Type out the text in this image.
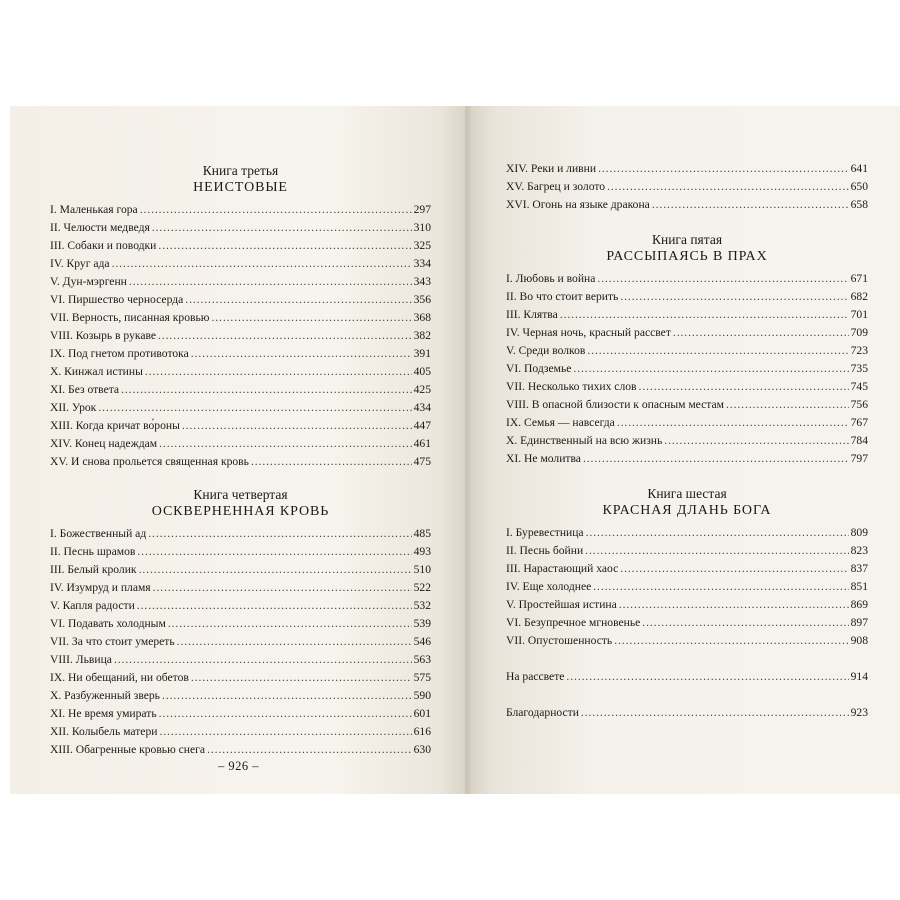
Книга третья
НЕИСТОВЫЕ
I. Маленькая гора . . .	297
II. Челюсти медведя . . .	310
III. Собаки и поводки . . .	325
IV. Круг ада . . .	334
V. Дун-мэргенн . . .	343
VI. Пиршество черносерда . . .	356
VII. Верность, писанная кровью . . .	368
VIII. Козырь в рукаве . . .	382
IX. Под гнетом противотока . . .	391
X. Кинжал истины . . .	405
XI. Без ответа . . .	425
XII. Урок . . .	434
XIII. Когда кричат во́роны . . .	447
XIV. Конец надеждам . . .	461
XV. И снова прольется священная кровь . . .	475
Книга четвертая
ОСКВЕРНЕННАЯ КРОВЬ
I. Божественный ад . . .	485
II. Песнь шрамов . . .	493
III. Белый кролик . . .	510
IV. Изумруд и пламя . . .	522
V. Капля радости . . .	532
VI. Подавать холодным . . .	539
VII. За что стоит умереть . . .	546
VIII. Львица . . .	563
IX. Ни обещаний, ни обетов . . .	575
X. Разбуженный зверь . . .	590
XI. Не время умирать . . .	601
XII. Колыбель матери . . .	616
XIII. Обагренные кровью снега . . .	630
– 926 –
XIV. Реки и ливни . . .	641
XV. Багрец и золото . . .	650
XVI. Огонь на языке дракона . . .	658
Книга пятая
РАССЫПАЯСЬ В ПРАХ
I. Любовь и война . . .	671
II. Во что стоит верить . . .	682
III. Клятва . . .	701
IV. Черная ночь, красный рассвет . . .	709
V. Среди волков . . .	723
VI. Подземье . . .	735
VII. Несколько тихих слов . . .	745
VIII. В опасной близости к опасным местам . . .	756
IX. Семья — навсегда . . .	767
X. Единственный на всю жизнь . . .	784
XI. Не молитва . . .	797
Книга шестая
КРАСНАЯ ДЛАНЬ БОГА
I. Буревестница . . .	809
II. Песнь бойни . . .	823
III. Нарастающий хаос . . .	837
IV. Еще холоднее . . .	851
V. Простейшая истина . . .	869
VI. Безупречное мгновенье . . .	897
VII. Опустошенность . . .	908
На рассвете . . .	914
Благодарности . . .	923
